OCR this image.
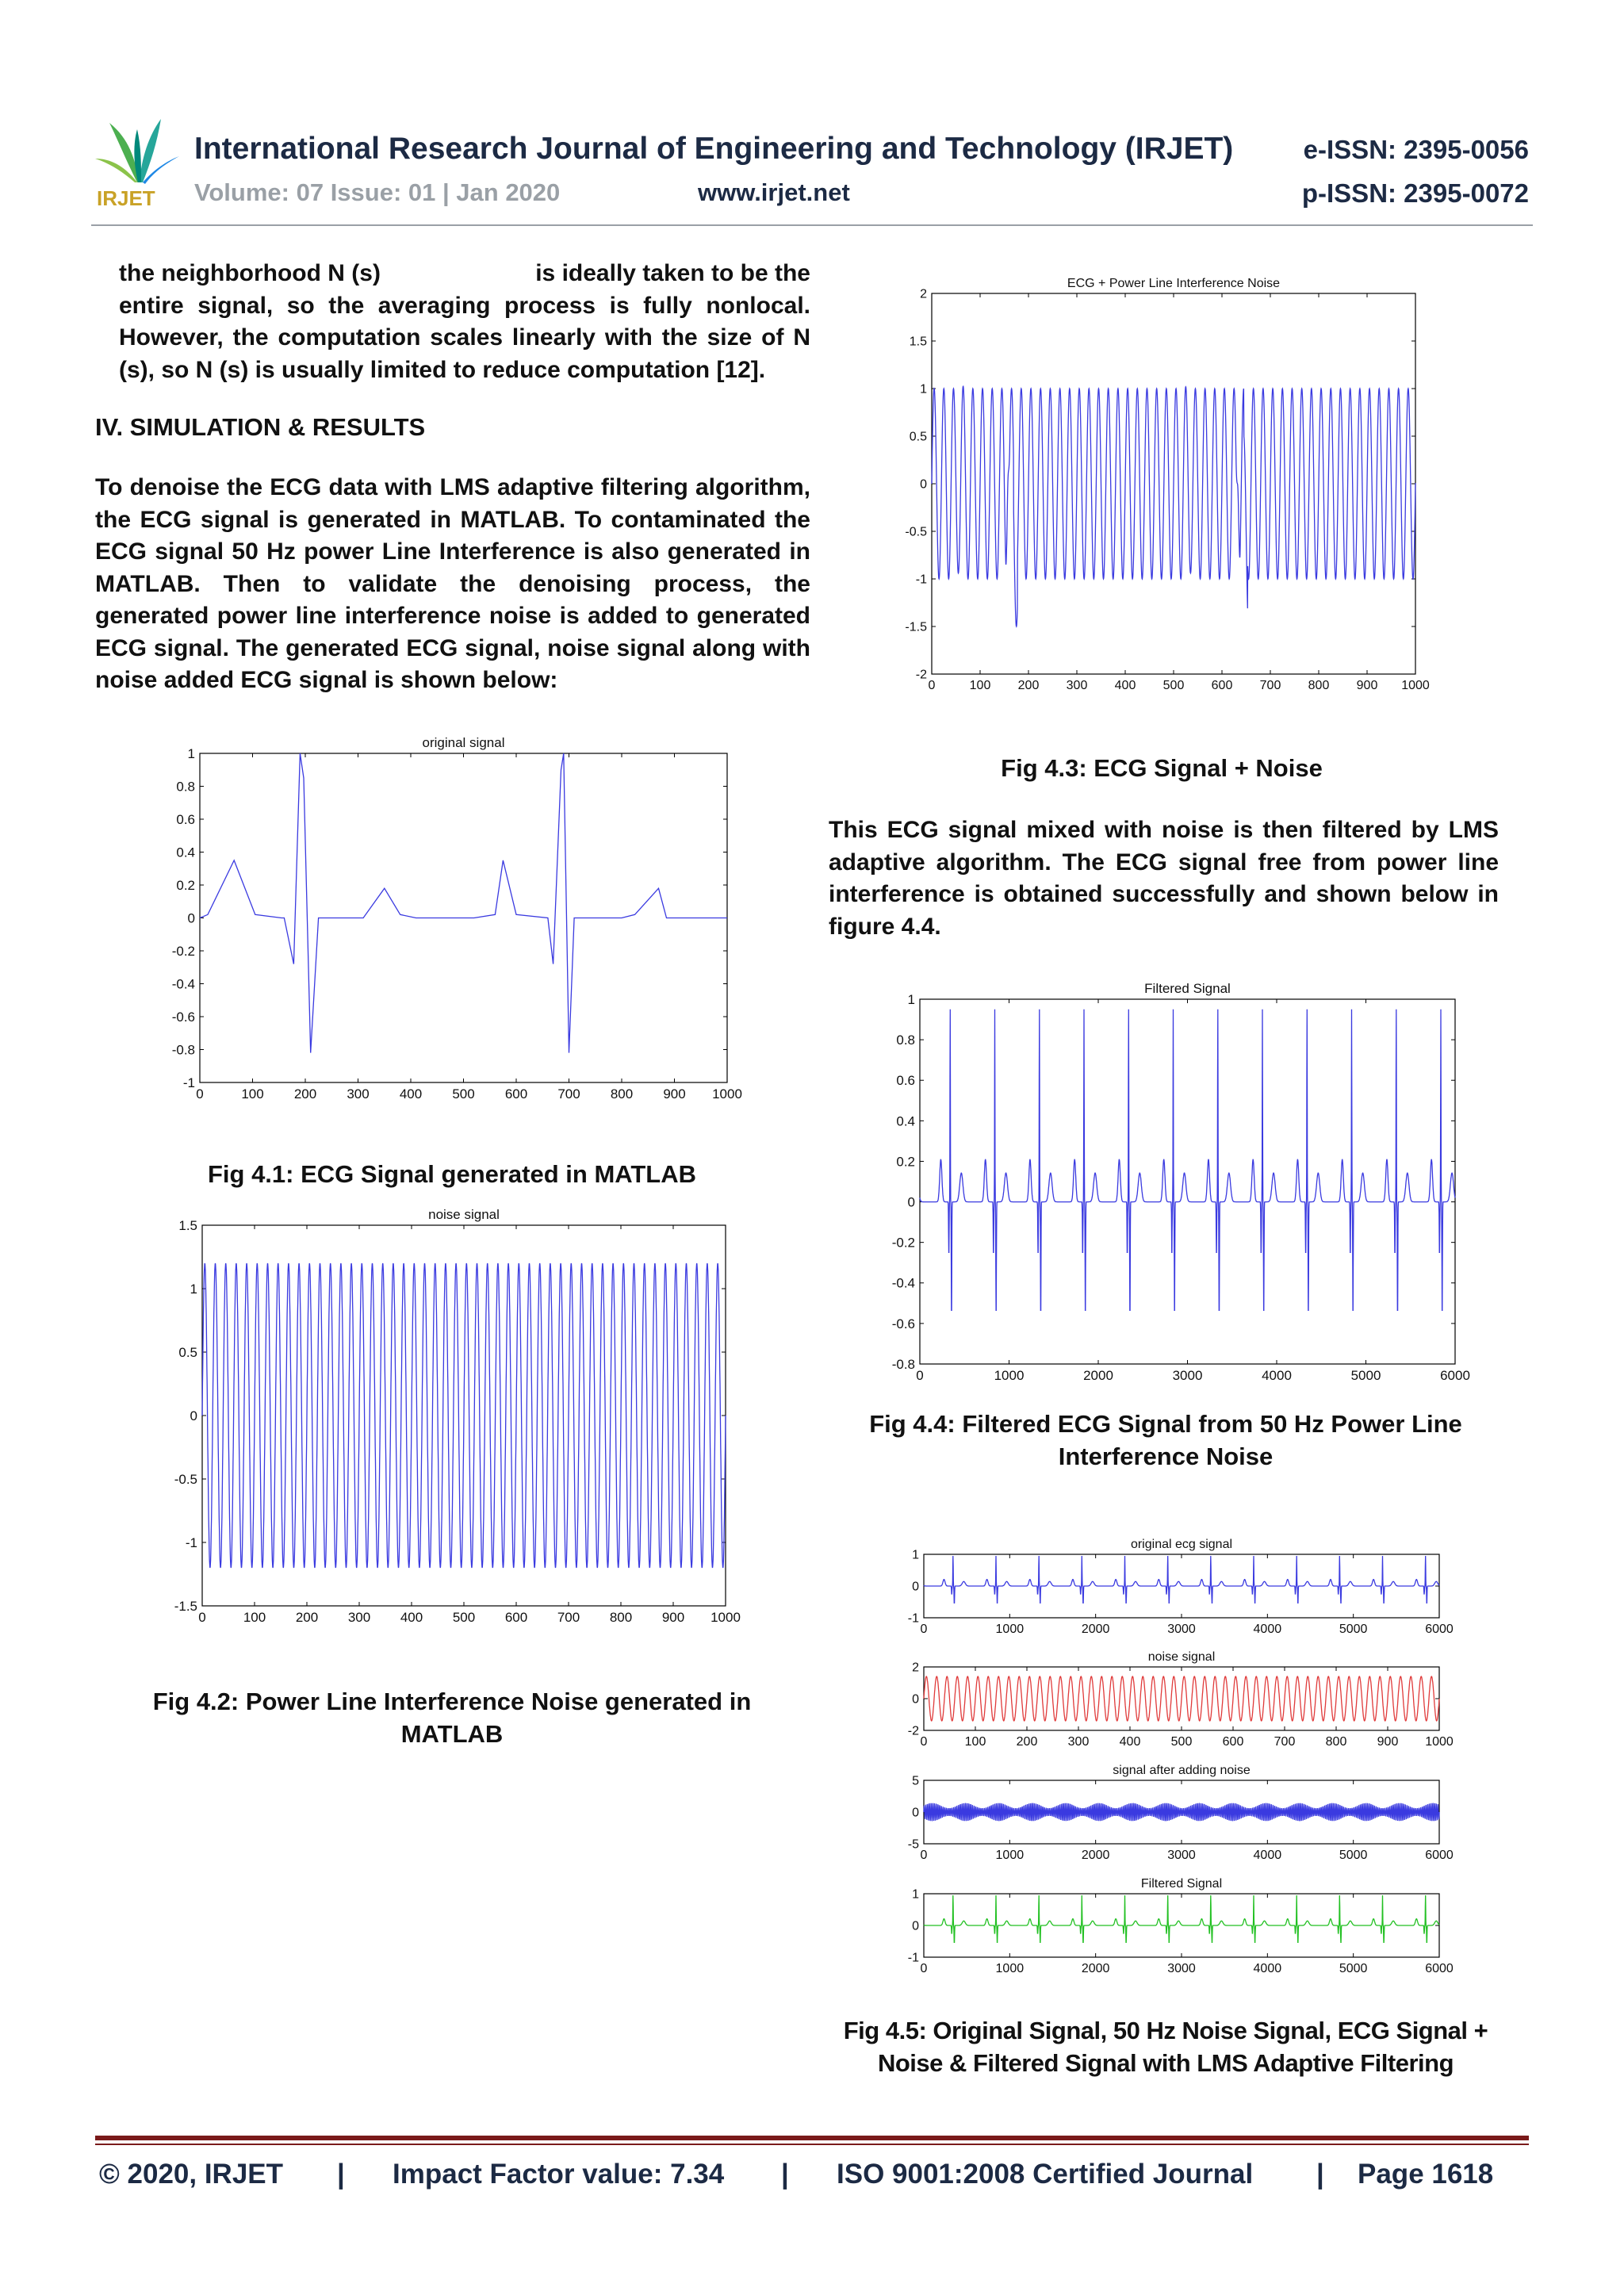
IRJET
International Research Journal of Engineering and Technology (IRJET)	e-ISSN: 2395-0056
Volume: 07 Issue: 01 | Jan 2020	www.irjet.net	p-ISSN: 2395-0072
the neighborhood N (s)	is ideally taken to be the
entire signal, so the averaging process is fully nonlocal. However, the computation scales linearly with the size of N (s), so N (s) is usually limited to reduce computation [12].
IV. SIMULATION & RESULTS
To denoise the ECG data with LMS adaptive filtering algorithm, the ECG signal is generated in MATLAB. To contaminated the ECG signal 50 Hz power Line Interference is also generated in MATLAB. Then to validate the denoising process, the generated power line interference noise is added to generated ECG signal. The generated ECG signal, noise signal along with noise added ECG signal is shown below:
This ECG signal mixed with noise is then filtered by LMS adaptive algorithm. The ECG signal free from power line interference is obtained successfully and shown below in figure 4.4.
Fig 4.1: ECG Signal generated in MATLAB
Fig 4.2: Power Line Interference Noise generated in MATLAB
Fig 4.3: ECG Signal + Noise
Fig 4.4: Filtered ECG Signal from 50 Hz Power Line Interference Noise
Fig 4.5: Original Signal, 50 Hz Noise Signal, ECG Signal + Noise & Filtered Signal with LMS Adaptive Filtering
0	100 200 300 400 500 600 700 800 900 1000
1
0.8
0.6
0.4
0.2
0
-0.2
-0.4
-0.6
-0.8
-1
original signal
0	100 200 300 400 500 600 700 800 900 1000
1.5
1
0.5
0
-0.5
-1
-1.5
noise signal
0	100 200 300 400 500 600 700 800 900 1000
2
1.5
1
0.5
0
-0.5
-1
-1.5
-2
ECG + Power Line Interference Noise
0	1000	2000	3000	4000	5000	6000
1
0.8
0.6
0.4
0.2
0
-0.2
-0.4
-0.6
-0.8
Filtered Signal
0	1000	2000	3000	4000	5000	6000
1
0
-1
original ecg signal
0	100 200 300 400 500 600 700 800 900 1000
2
0
-2
noise signal
0	1000	2000	3000	4000	5000	6000
5
0
-5
signal after adding noise
0	1000	2000	3000	4000	5000	6000
1
0
-1
Filtered Signal
© 2020, IRJET | Impact Factor value: 7.34 | ISO 9001:2008 Certified Journal | Page 1618
